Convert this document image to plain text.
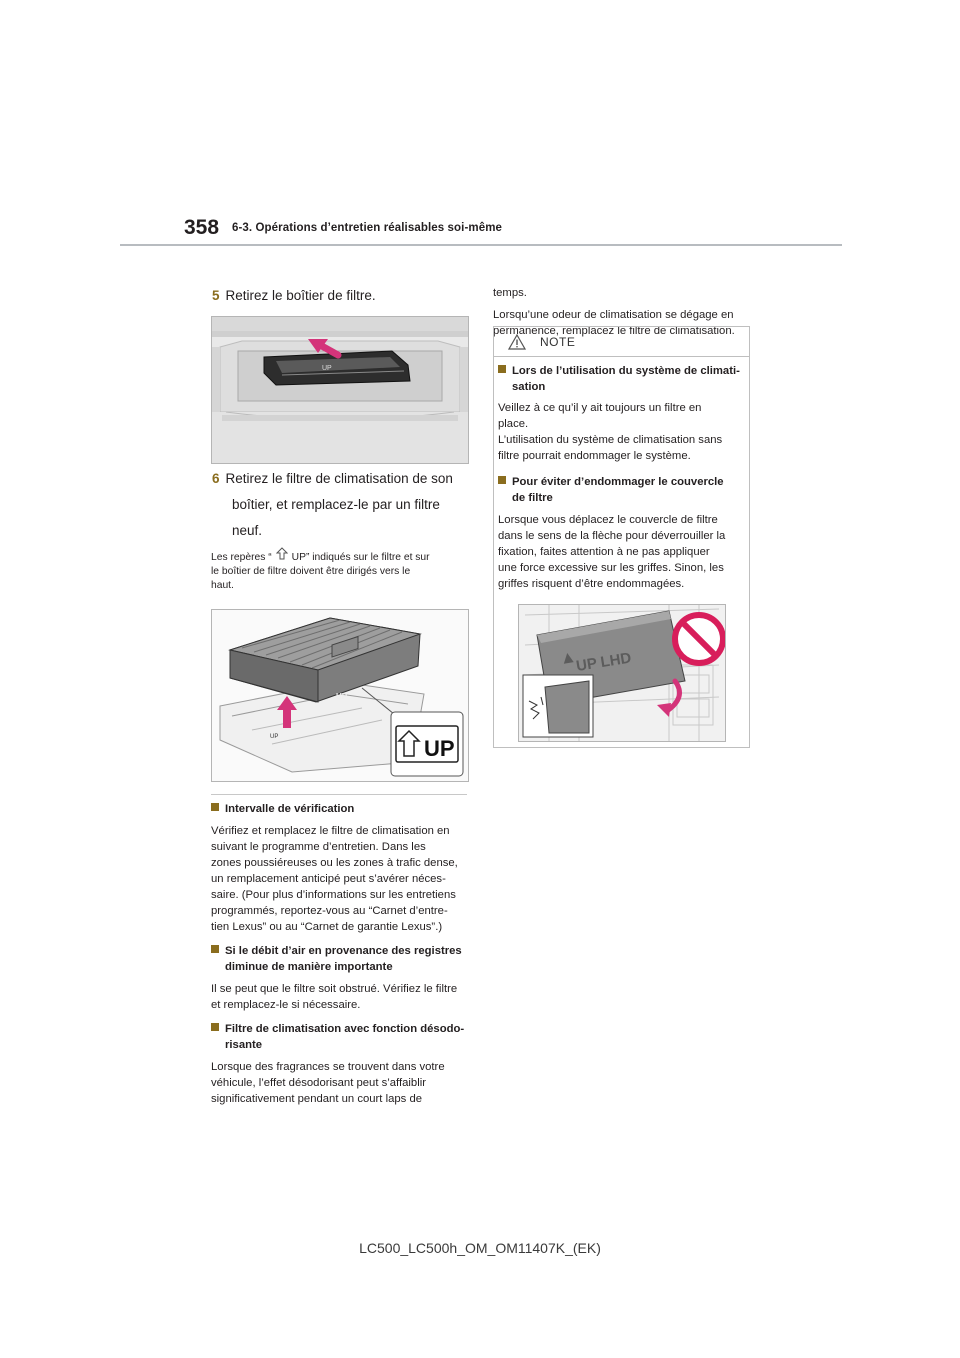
358 6-3. Opérations d’entretien réalisables soi-même
5 Retirez le boîtier de filtre.
UP
6 Retirez le filtre de climatisation de son
boîtier, et remplacez-le par un filtre
neuf.
Les repères “ UP” indiqués sur le filtre et sur
le boîtier de filtre doivent être dirigés vers le
haut.
UP
UP
UP
Intervalle de vérification
Vérifiez et remplacez le filtre de climatisation en
suivant le programme d’entretien. Dans les
zones poussiéreuses ou les zones à trafic dense,
un remplacement anticipé peut s’avérer néces-
saire. (Pour plus d’informations sur les entretiens
programmés, reportez-vous au “Carnet d’entre-
tien Lexus” ou au “Carnet de garantie Lexus”.)
Si le débit d’air en provenance des registres
diminue de manière importante
Il se peut que le filtre soit obstrué. Vérifiez le filtre
et remplacez-le si nécessaire.
Filtre de climatisation avec fonction désodo-
risante
Lorsque des fragrances se trouvent dans votre
véhicule, l’effet désodorisant peut s’affaiblir
significativement pendant un court laps de
temps.
Lorsqu’une odeur de climatisation se dégage en
permanence, remplacez le filtre de climatisation.
NOTE
Lors de l’utilisation du système de climati-
sation
Veillez à ce qu’il y ait toujours un filtre en
place.
L’utilisation du système de climatisation sans
filtre pourrait endommager le système.
Pour éviter d’endommager le couvercle
de filtre
Lorsque vous déplacez le couvercle de filtre
dans le sens de la flèche pour déverrouiller la
fixation, faites attention à ne pas appliquer
une force excessive sur les griffes. Sinon, les
griffes risquent d’être endommagées.
UP LHD
LC500_LC500h_OM_OM11407K_(EK)
